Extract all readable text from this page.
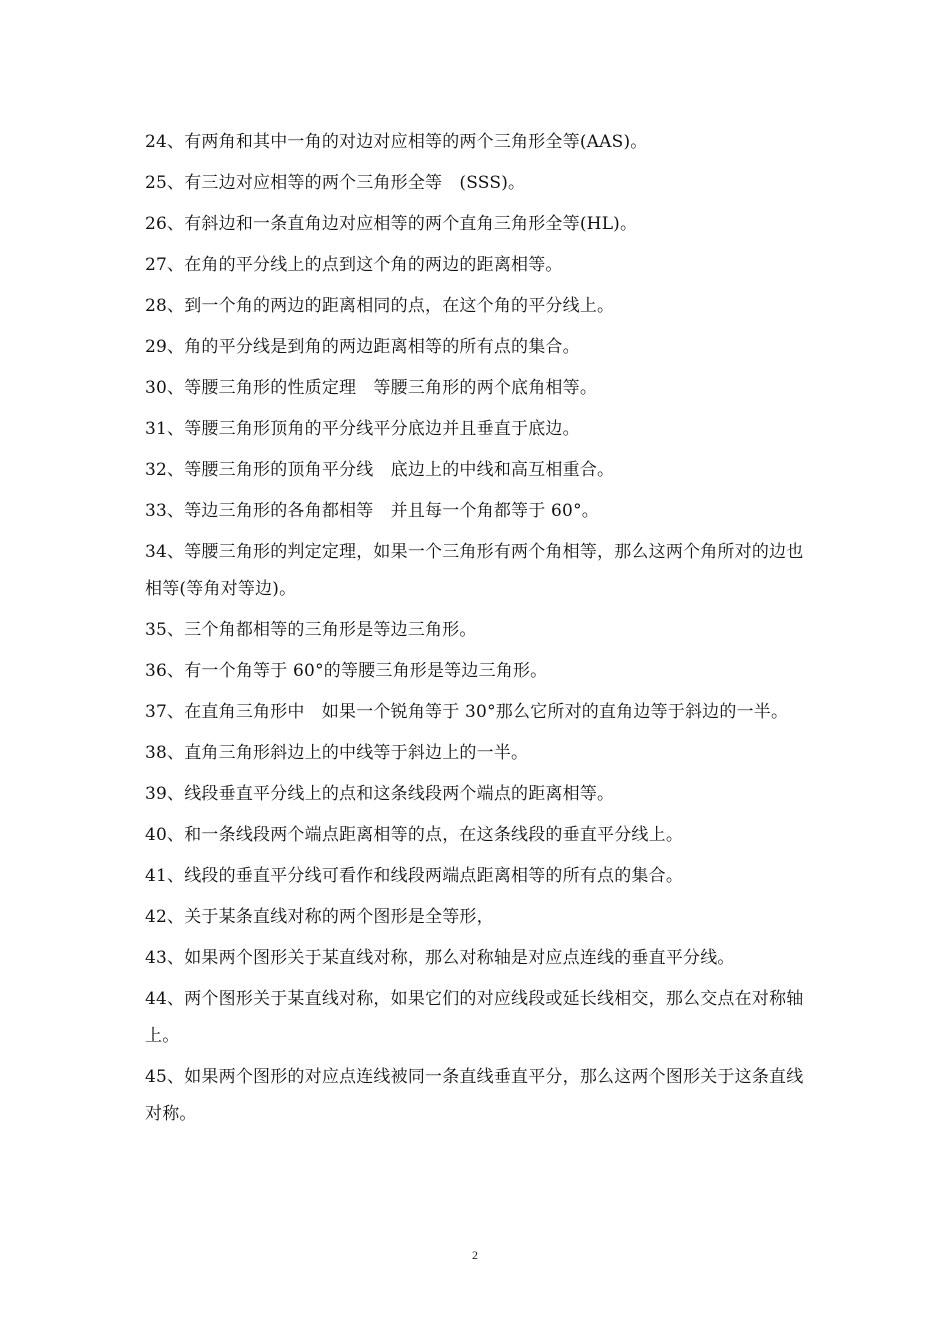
24、有两角和其中一角的对边对应相等的两个三角形全等(AAS)。

25、有三边对应相等的两个三角形全等　(SSS)。

26、有斜边和一条直角边对应相等的两个直角三角形全等(HL)。

27、在角的平分线上的点到这个角的两边的距离相等。

28、到一个角的两边的距离相同的点，在这个角的平分线上。

29、角的平分线是到角的两边距离相等的所有点的集合。

30、等腰三角形的性质定理　等腰三角形的两个底角相等。

31、等腰三角形顶角的平分线平分底边并且垂直于底边。

32、等腰三角形的顶角平分线　底边上的中线和高互相重合。

33、等边三角形的各角都相等　并且每一个角都等于 60°。

34、等腰三角形的判定定理，如果一个三角形有两个角相等，那么这两个角所对的边也相等(等角对等边)。

35、三个角都相等的三角形是等边三角形。

36、有一个角等于 60°的等腰三角形是等边三角形。

37、在直角三角形中　如果一个锐角等于 30°那么它所对的直角边等于斜边的一半。

38、直角三角形斜边上的中线等于斜边上的一半。

39、线段垂直平分线上的点和这条线段两个端点的距离相等。

40、和一条线段两个端点距离相等的点，在这条线段的垂直平分线上。

41、线段的垂直平分线可看作和线段两端点距离相等的所有点的集合。

42、关于某条直线对称的两个图形是全等形，

43、如果两个图形关于某直线对称，那么对称轴是对应点连线的垂直平分线。

44、两个图形关于某直线对称，如果它们的对应线段或延长线相交，那么交点在对称轴上。

45、如果两个图形的对应点连线被同一条直线垂直平分，那么这两个图形关于这条直线对称。

2
